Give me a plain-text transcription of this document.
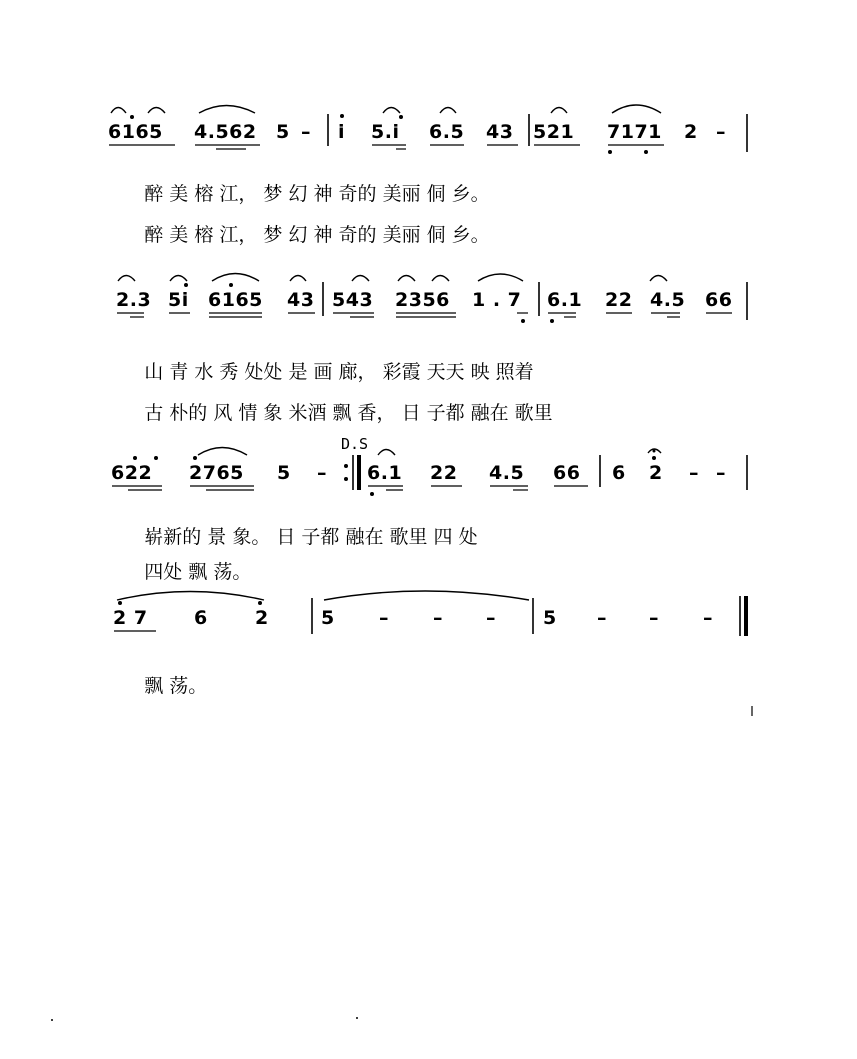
6165 4.562 5 – i 5.i 6.5 43 521 7171 2 –

醉 美 榕 江， 梦 幻 神 奇的 美丽 侗 乡。

醉 美 榕 江， 梦 幻 神 奇的 美丽 侗 乡。

2.3 5i 6165 43 543 2356 1 . 7 6.1 22 4.5 66

山 青 水 秀 处处 是 画 廊， 彩霞 天天 映 照着

古 朴的 风 情 象 米酒 飘 香， 日 子都 融在 歌里

D.S
622 2765 5 – 6.1 22 4.5 66 6 2 – –

崭新的 景 象。 日 子都 融在 歌里 四 处

四处 飘 荡。

2 7 6 2	5 – – – 5 – – –

飘 荡。
